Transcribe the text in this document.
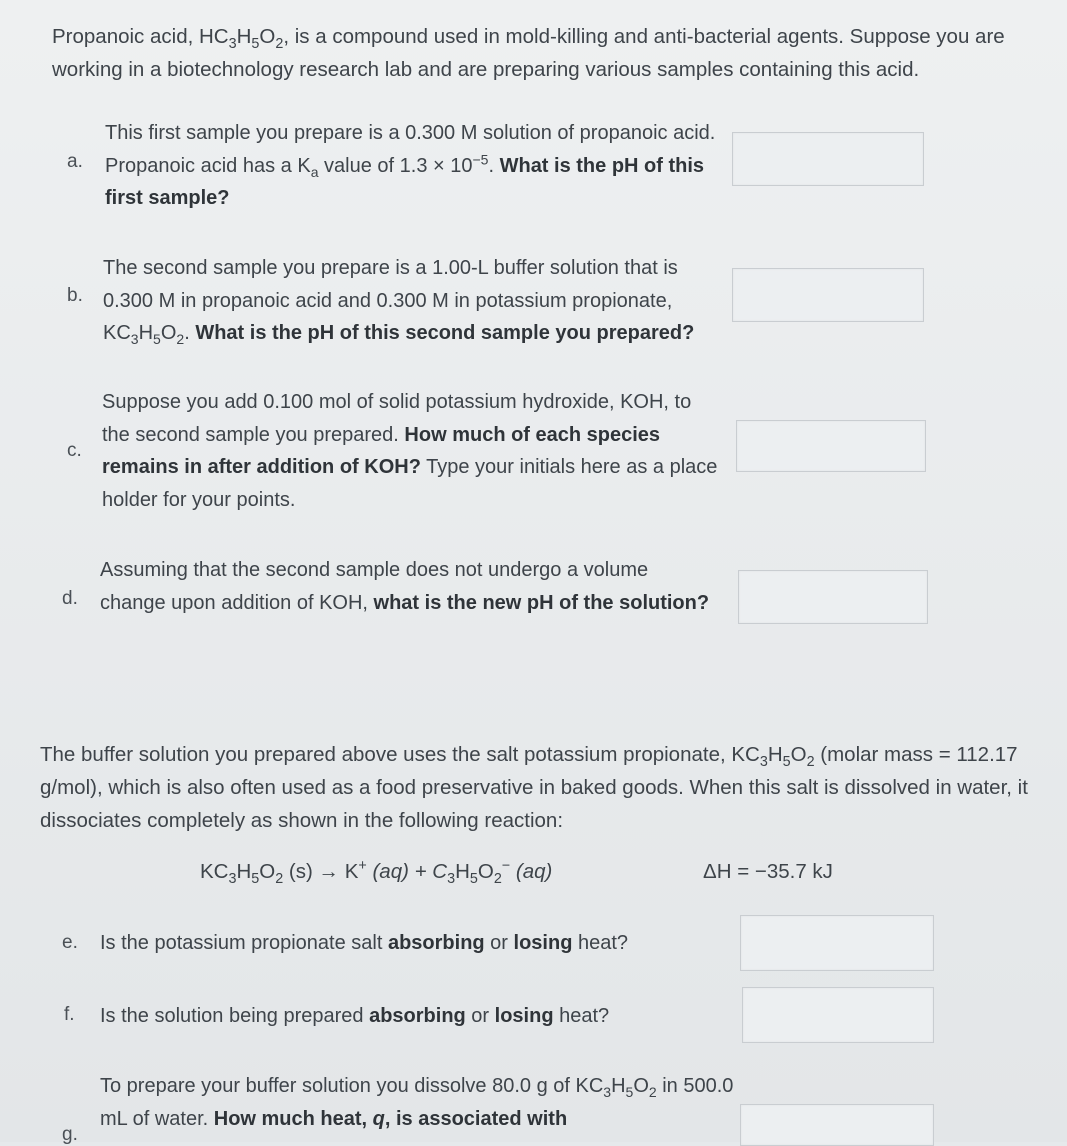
Propanoic acid, $HC_3H_5O_2$, is a compound used in mold-killing and anti-bacterial agents. Suppose you are working in a biotechnology research lab and are preparing various samples containing this acid.
a.
This first sample you prepare is a 0.300 M solution of propanoic acid. Propanoic acid has a $K_a$ value of $1.3 \times 10^{-5}$. What is the pH of this first sample?
b.
The second sample you prepare is a 1.00-L buffer solution that is 0.300 M in propanoic acid and 0.300 M in potassium propionate, $KC_3H_5O_2$. What is the pH of this second sample you prepared?
c.
Suppose you add 0.100 mol of solid potassium hydroxide, KOH, to the second sample you prepared. How much of each species remains in after addition of KOH? Type your initials here as a place holder for your points.
d.
Assuming that the second sample does not undergo a volume change upon addition of KOH, what is the new pH of the solution?
The buffer solution you prepared above uses the salt potassium propionate, $KC_3H_5O_2$ (molar mass = 112.17 g/mol), which is also often used as a food preservative in baked goods. When this salt is dissolved in water, it dissociates completely as shown in the following reaction:
$KC_3H_5O_2$ (s) → K+ $(aq) + C_3H_5O_2^-$ (aq)	ΔH = −35.7 kJ
e. Is the potassium propionate salt absorbing or losing heat?
f. Is the solution being prepared absorbing or losing heat?
g.
To prepare your buffer solution you dissolve 80.0 g of $KC_3H_5O_2$ in 500.0 mL of water. How much heat, q, is associated with
